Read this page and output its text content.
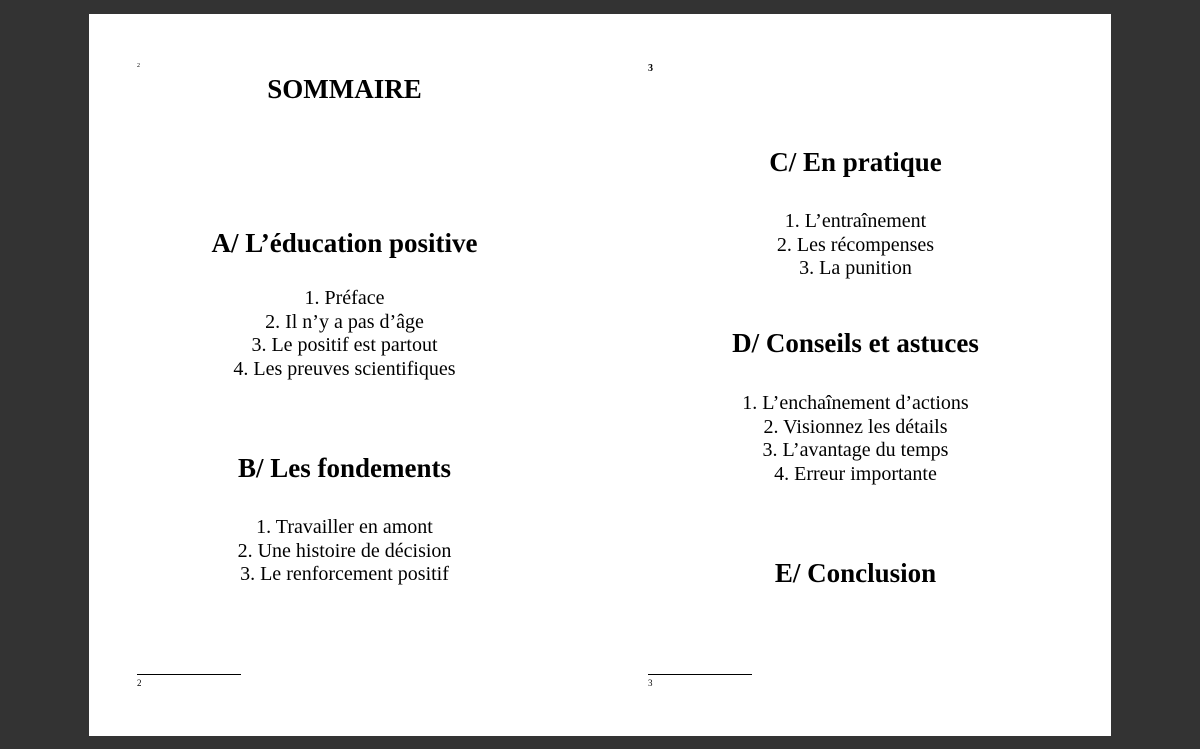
2
SOMMAIRE
A/ L’éducation positive
1. Préface
2. Il n’y a pas d’âge
3. Le positif est partout
4. Les preuves scientifiques
B/ Les fondements
1. Travailler en amont
2. Une histoire de décision
3. Le renforcement positif
2
3
C/ En pratique
1. L’entraînement
2. Les récompenses
3. La punition
D/ Conseils et astuces
1. L’enchaînement d’actions
2. Visionnez les détails
3. L’avantage du temps
4. Erreur importante
E/ Conclusion
3
